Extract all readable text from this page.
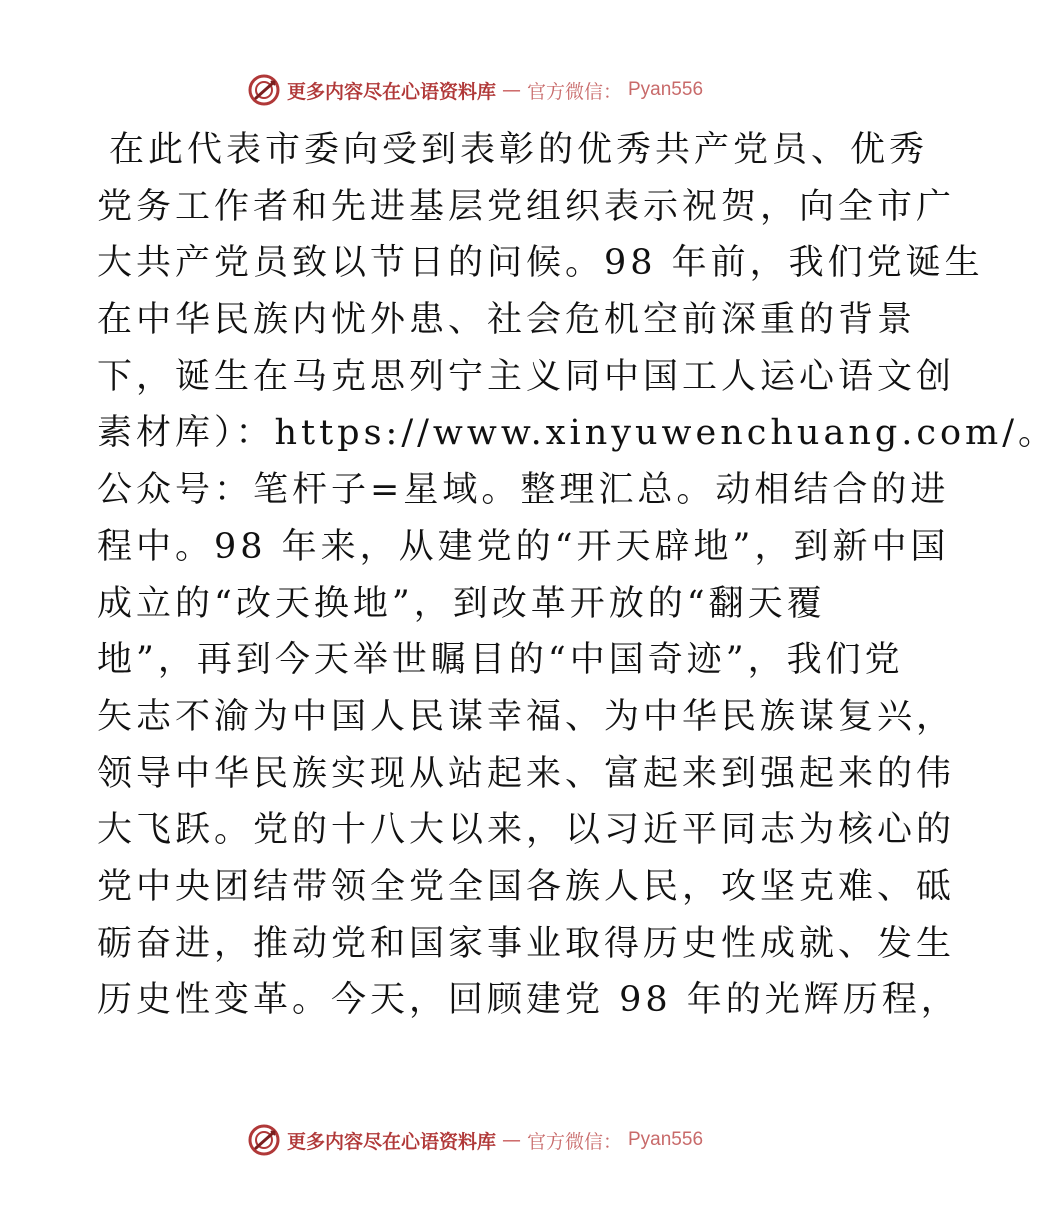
更多内容尽在心语资料库 — 官方微信： Pyan556
在此代表市委向受到表彰的优秀共产党员、优秀
党务工作者和先进基层党组织表示祝贺，向全市广
大共产党员致以节日的问候。98 年前，我们党诞生
在中华民族内忧外患、社会危机空前深重的背景
下，诞生在马克思列宁主义同中国工人运心语文创
素材库）：https://www.xinyuwenchuang.com/。
公众号：笔杆子=星域。整理汇总。动相结合的进
程中。98 年来，从建党的“开天辟地”，到新中国
成立的“改天换地”，到改革开放的“翻天覆
地”，再到今天举世瞩目的“中国奇迹”，我们党
矢志不渝为中国人民谋幸福、为中华民族谋复兴，
领导中华民族实现从站起来、富起来到强起来的伟
大飞跃。党的十八大以来，以习近平同志为核心的
党中央团结带领全党全国各族人民，攻坚克难、砥
砺奋进，推动党和国家事业取得历史性成就、发生
历史性变革。今天，回顾建党 98 年的光辉历程，
更多内容尽在心语资料库 — 官方微信： Pyan556
